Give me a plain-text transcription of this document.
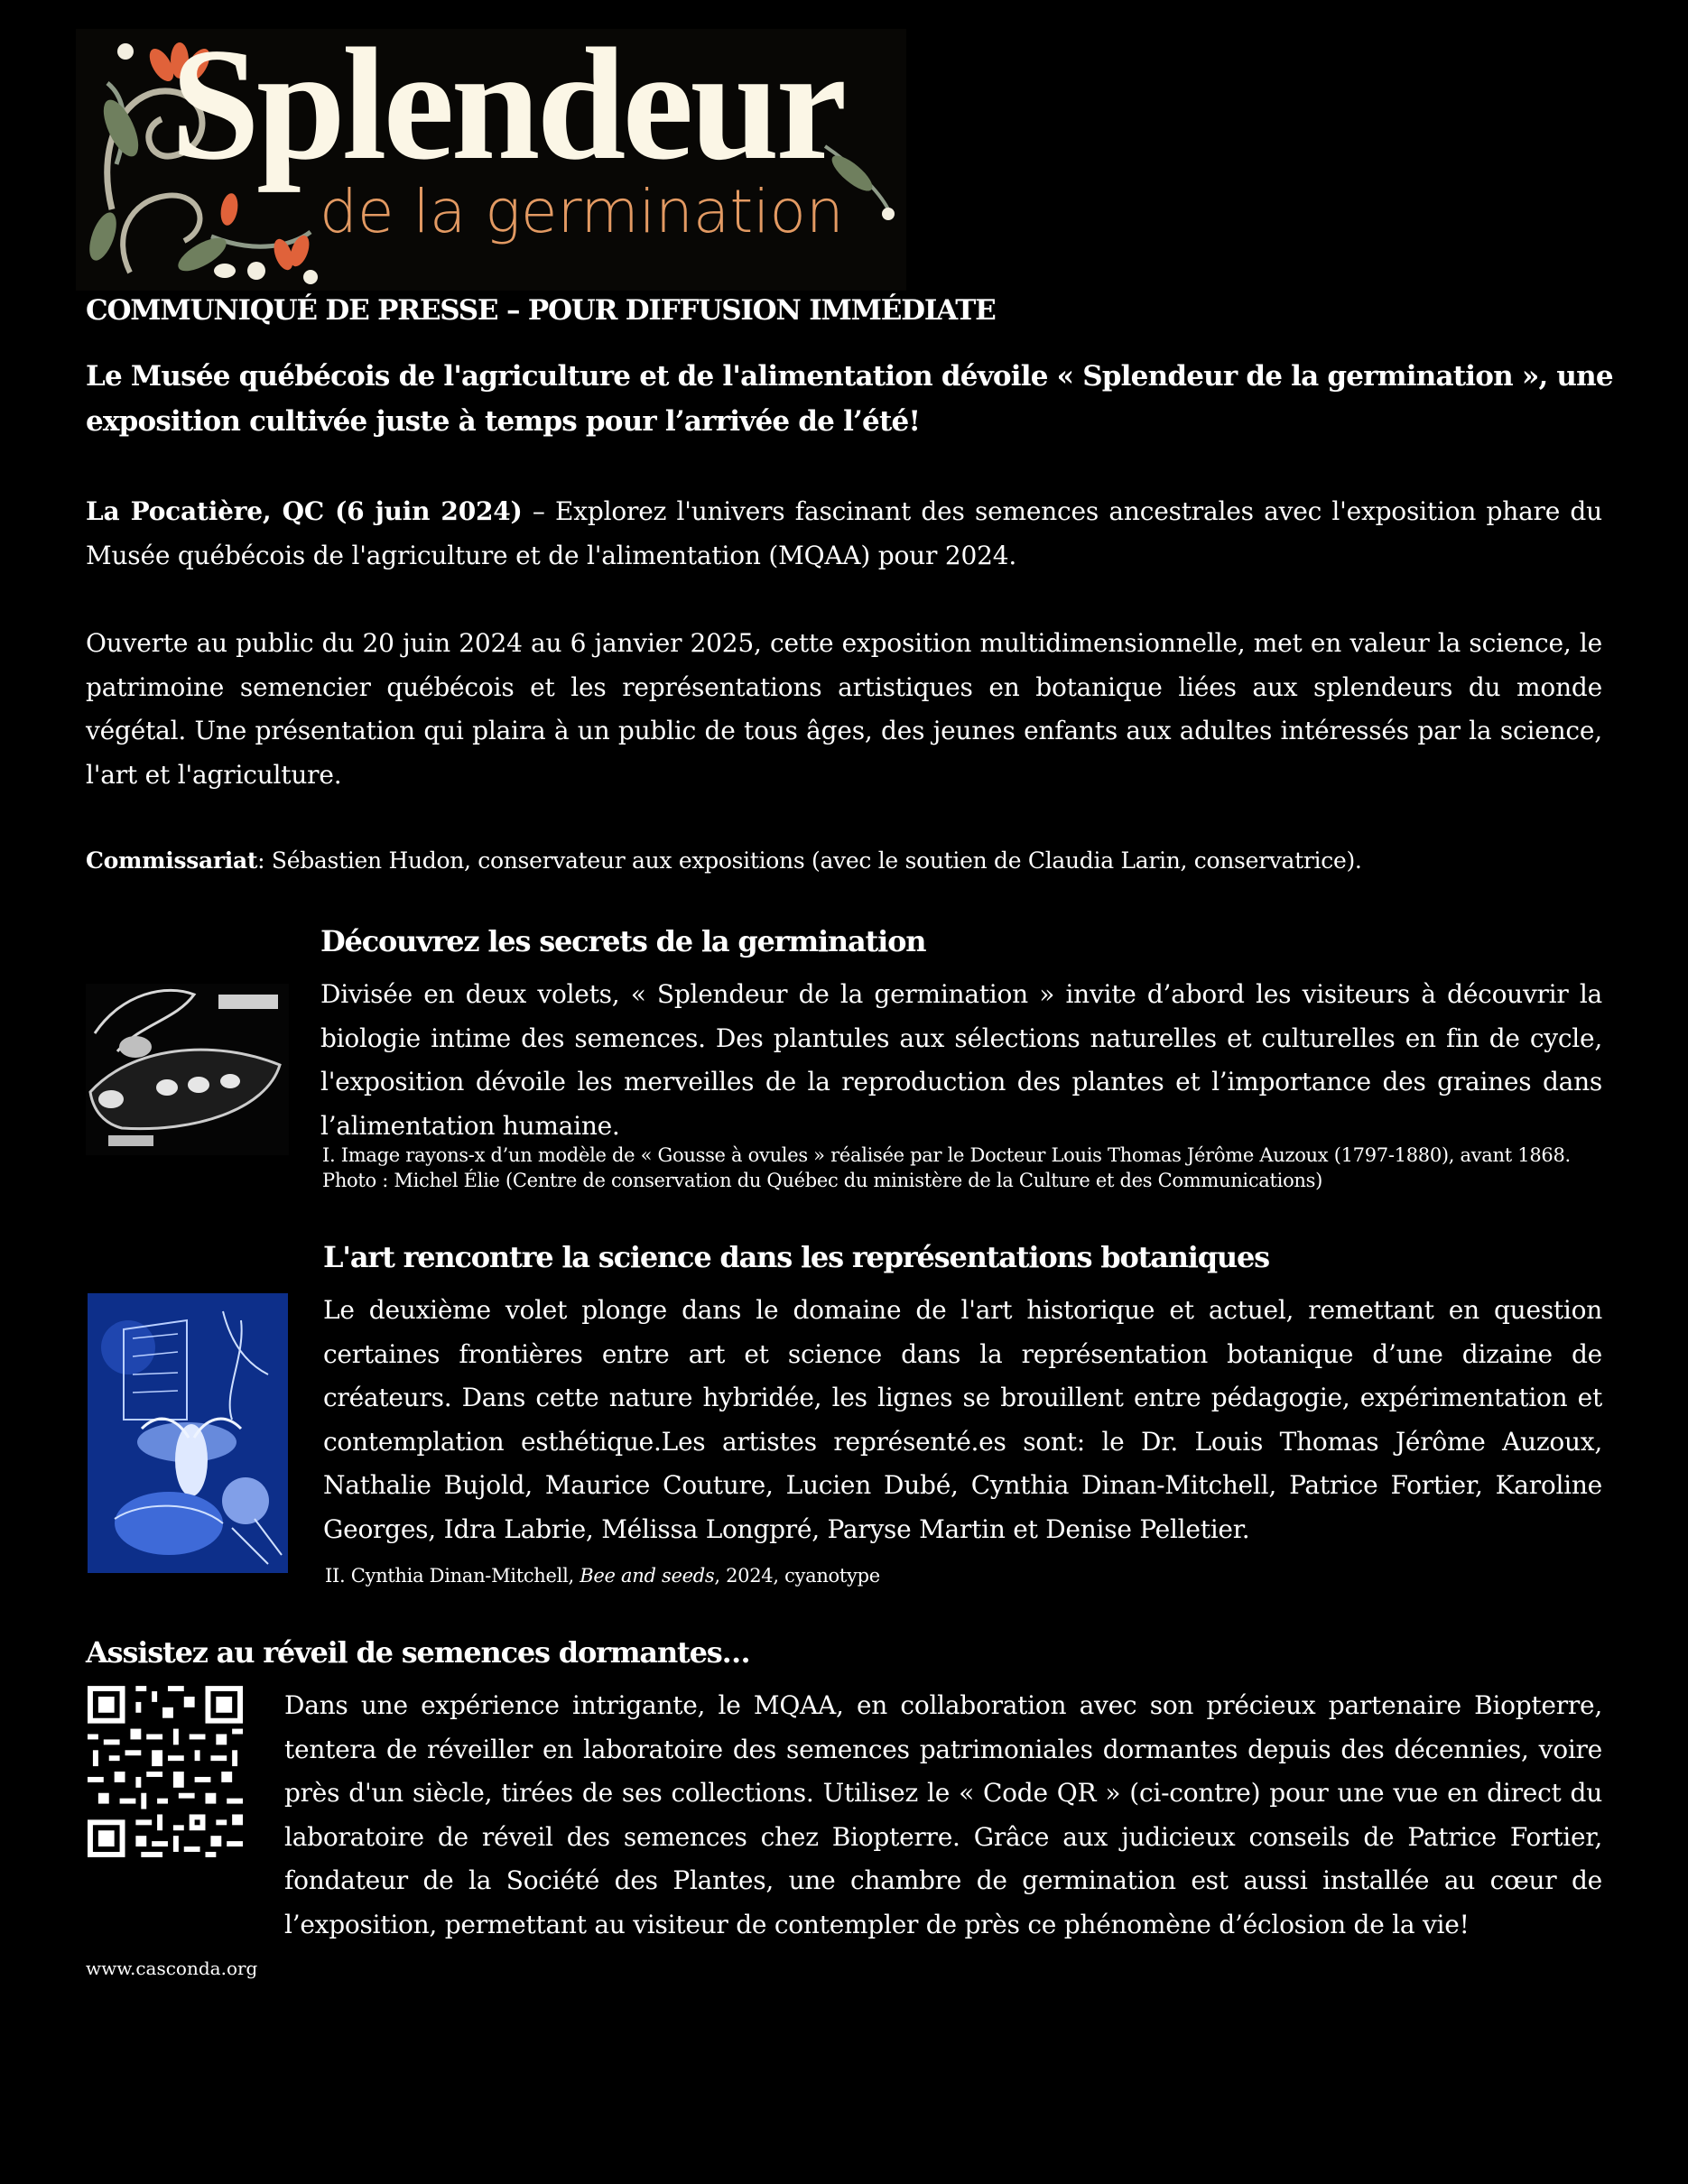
Splendeur
de la germination
COMMUNIQUÉ DE PRESSE – POUR DIFFUSION IMMÉDIATE
Le Musée québécois de l'agriculture et de l'alimentation dévoile « Splendeur de la germination », une exposition cultivée juste à temps pour l’arrivée de l’été!
La Pocatière, QC (6 juin 2024) – Explorez l'univers fascinant des semences ancestrales avec l'exposition phare du Musée québécois de l'agriculture et de l'alimentation (MQAA) pour 2024.
Ouverte au public du 20 juin 2024 au 6 janvier 2025, cette exposition multidimensionnelle, met en valeur la science, le patrimoine semencier québécois et les représentations artistiques en botanique liées aux splendeurs du monde végétal. Une présentation qui plaira à un public de tous âges, des jeunes enfants aux adultes intéressés par la science, l'art et l'agriculture.
Commissariat: Sébastien Hudon, conservateur aux expositions (avec le soutien de Claudia Larin, conservatrice).
Découvrez les secrets de la germination
Divisée en deux volets, « Splendeur de la germination » invite d’abord les visiteurs à découvrir la biologie intime des semences. Des plantules aux sélections naturelles et culturelles en fin de cycle, l'exposition dévoile les merveilles de la reproduction des plantes et l’importance des graines dans l’alimentation humaine.
I. Image rayons-x d’un modèle de « Gousse à ovules » réalisée par le Docteur Louis Thomas Jérôme Auzoux (1797-1880), avant 1868.
Photo : Michel Élie (Centre de conservation du Québec du ministère de la Culture et des Communications)
L'art rencontre la science dans les représentations botaniques
Le deuxième volet plonge dans le domaine de l'art historique et actuel, remettant en question certaines frontières entre art et science dans la représentation botanique d’une dizaine de créateurs. Dans cette nature hybridée, les lignes se brouillent entre pédagogie, expérimentation et contemplation esthétique.Les artistes représenté.es sont: le Dr. Louis Thomas Jérôme Auzoux, Nathalie Bujold, Maurice Couture, Lucien Dubé, Cynthia Dinan-Mitchell, Patrice Fortier, Karoline Georges, Idra Labrie, Mélissa Longpré, Paryse Martin et Denise Pelletier.
II. Cynthia Dinan-Mitchell, Bee and seeds, 2024, cyanotype
Assistez au réveil de semences dormantes…
Dans une expérience intrigante, le MQAA, en collaboration avec son précieux partenaire Biopterre, tentera de réveiller en laboratoire des semences patrimoniales dormantes depuis des décennies, voire près d'un siècle, tirées de ses collections. Utilisez le « Code QR » (ci-contre) pour une vue en direct du laboratoire de réveil des semences chez Biopterre. Grâce aux judicieux conseils de Patrice Fortier, fondateur de la Société des Plantes, une chambre de germination est aussi installée au cœur de l’exposition, permettant au visiteur de contempler de près ce phénomène d’éclosion de la vie!
www.casconda.org
